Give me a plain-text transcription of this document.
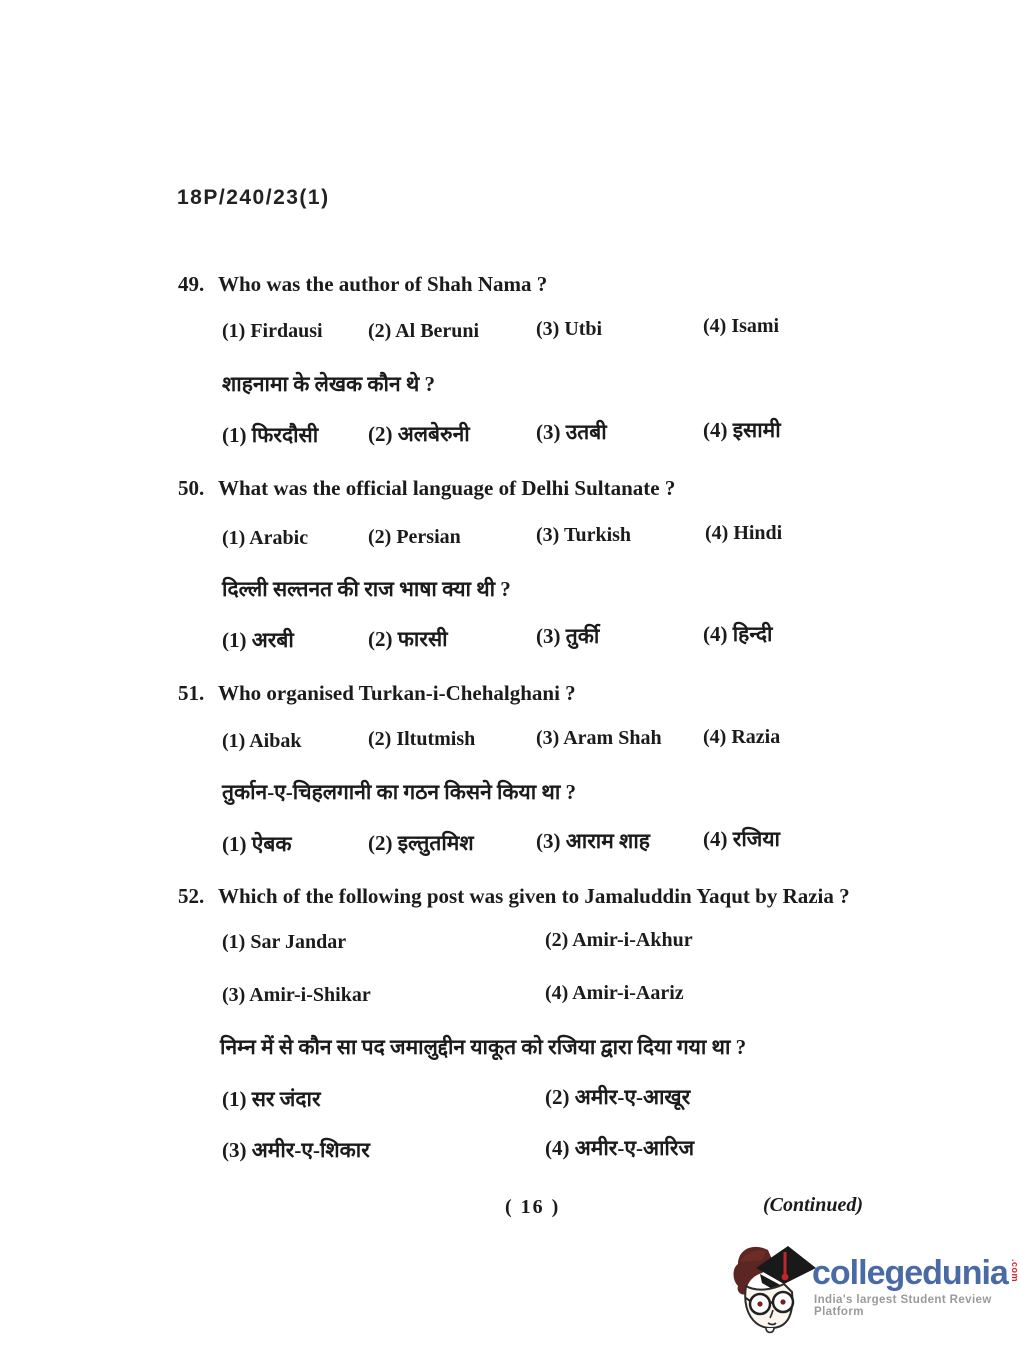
18P/240/23(1)
49. Who was the author of Shah Nama ?
(1) Firdausi (2) Al Beruni	(3) Utbi	(4) Isami
शाहनामा के लेखक कौन थे ?
(1) फिरदौसी (2) अलबेरुनी	(3) उतबी	(4) इसामी
50. What was the official language of Delhi Sultanate ?
(1) Arabic	(2) Persian	(3) Turkish	(4) Hindi
दिल्ली सल्तनत की राज भाषा क्या थी ?
(1) अरबी	(2) फारसी	(3) तुर्की	(4) हिन्दी
51. Who organised Turkan-i-Chehalghani ?
(1) Aibak	(2) Iltutmish	(3) Aram Shah (4) Razia
तुर्कान-ए-चिहलगानी का गठन किसने किया था ?
(1) ऐबक	(2) इल्तुतमिश	(3) आराम शाह	(4) रजिया
52. Which of the following post was given to Jamaluddin Yaqut by Razia ?
(1) Sar Jandar	(2) Amir-i-Akhur
(3) Amir-i-Shikar	(4) Amir-i-Aariz
निम्न में से कौन सा पद जमालुद्दीन याकूत को रजिया द्वारा दिया गया था ?
(1) सर जंदार	(2) अमीर-ए-आखूर
(3) अमीर-ए-शिकार	(4) अमीर-ए-आरिज
( 16 )	(Continued)
collegedunia .com
India's largest Student Review Platform
